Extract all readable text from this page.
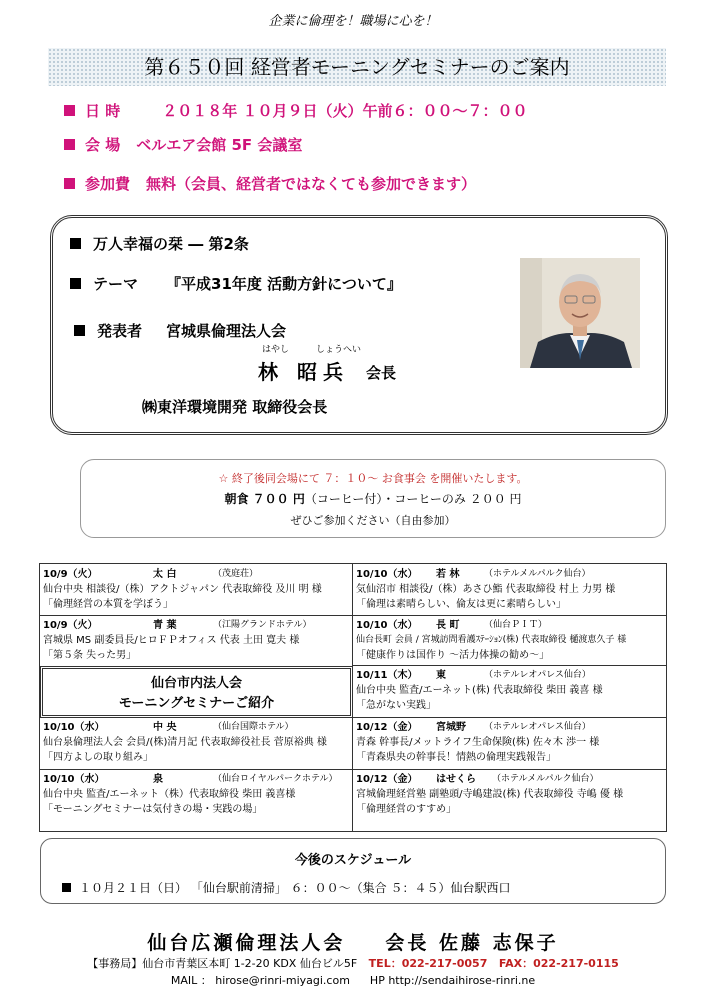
企業に倫理を！職場に心を！
第６５０回 経営者モーニングセミナーのご案内
日 時	２０１８年 １０月９日（火）午前６：００～７：００
会 場 ベルエア会館 5F 会議室
参加費 無料（会員、経営者ではなくても参加できます）
万人幸福の栞 ― 第2条
テーマ 『平成31年度 活動方針について』
発表者 宮城県倫理法人会
はやし	しょうへい
林 昭兵 会長
㈱東洋環境開発 取締役会長
☆ 終了後同会場にて ７：１０～ お食事会 を開催いたします。
朝食 ７００ 円（コーヒー付）・コーヒーのみ ２００ 円
ぜひご参加ください（自由参加）
10/9（火）	太 白	（茂庭荘）
仙台中央 相談役/（株）アクトジャパン 代表取締役 及川 明 様
「倫理経営の本質を学ぼう」
10/9（火）	青 葉	（江陽グランドホテル）
宮城県 MS 副委員長/ヒロＦＰオフィス 代表 土田 寛夫 様
「第５条 失った男」
仙台市内法人会
モーニングセミナーご紹介
10/10（水）	中 央	（仙台国際ホテル）
仙台泉倫理法人会 会員/(株)清月記 代表取締役社長 菅原裕典 様
「四方よしの取り組み」
10/10（水）	泉	（仙台ロイヤルパークホテル）
仙台中央 監査/エーネット（株）代表取締役 柴田 義喜様
「モーニングセミナーは気付きの場・実践の場」
10/10（水）	若 林	（ホテルメルパルク仙台）
気仙沼市 相談役/（株）あさひ鮨 代表取締役 村上 力男 様
「倫理は素晴らしい、倫友は更に素晴らしい」
10/10（水）	長 町	（仙台ＰＩＴ）
仙台長町 会員 / 宮城訪問看護ｽﾃｰｼｮﾝ(株) 代表取締役 樋渡恵久子 様
「健康作りは国作り ～活力体操の勧め～」
10/11（木）	東	（ホテルレオパレス仙台）
仙台中央 監査/エーネット(株) 代表取締役 柴田 義喜 様
「急がない実践」
10/12（金）	宮城野	（ホテルレオパレス仙台）
青森 幹事長/メットライフ生命保険(株) 佐々木 渉一 様
「青森県央の幹事長！情熱の倫理実践報告」
10/12（金）	はせくら	（ホテルメルパルク仙台）
宮城倫理経営塾 副塾頭/寺嶋建設(株) 代表取締役 寺嶋 優 様
「倫理経営のすすめ」
今後のスケジュール
１０月２１日（日） 「仙台駅前清掃」 ６：００～（集合 ５：４５）仙台駅西口
仙台広瀬倫理法人会 会長 佐藤 志保子
【事務局】仙台市青葉区本町 1-2-20 KDX 仙台ビル5F TEL：022-217-0057 FAX：022-217-0115
MAIL ： hirose@rinri-miyagi.com HP http://sendaihirose-rinri.ne
